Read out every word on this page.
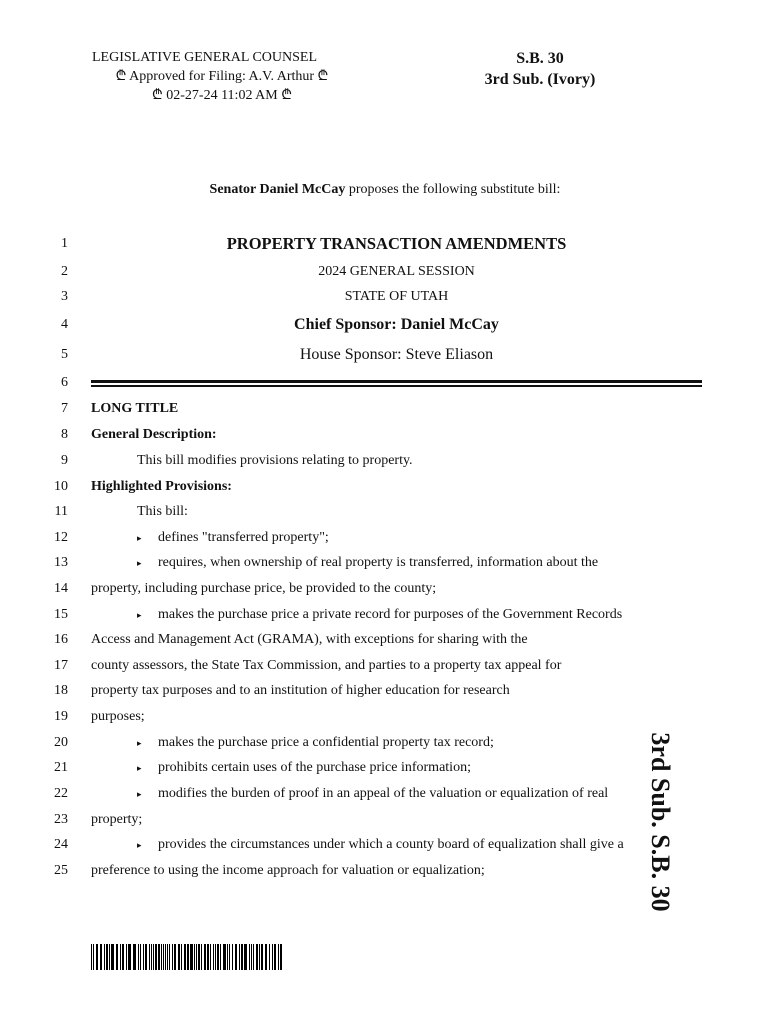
LEGISLATIVE GENERAL COUNSEL
₾ Approved for Filing: A.V. Arthur ₾
₾ 02-27-24 11:02 AM ₾
S.B. 30
3rd Sub. (Ivory)
Senator Daniel McCay proposes the following substitute bill:
1	PROPERTY TRANSACTION AMENDMENTS
2	2024 GENERAL SESSION
3	STATE OF UTAH
4	Chief Sponsor: Daniel McCay
5	House Sponsor: Steve Eliason
6
7 LONG TITLE
8 General Description:
9	This bill modifies provisions relating to property.
10 Highlighted Provisions:
11	This bill:
12	▸ defines "transferred property";
13	▸ requires, when ownership of real property is transferred, information about the
14 property, including purchase price, be provided to the county;
15	▸ makes the purchase price a private record for purposes of the Government Records
16 Access and Management Act (GRAMA), with exceptions for sharing with the
17 county assessors, the State Tax Commission, and parties to a property tax appeal for
18 property tax purposes and to an institution of higher education for research
19 purposes;
20	▸ makes the purchase price a confidential property tax record;
21	▸ prohibits certain uses of the purchase price information;
22	▸ modifies the burden of proof in an appeal of the valuation or equalization of real
23 property;
24	▸ provides the circumstances under which a county board of equalization shall give a
25 preference to using the income approach for valuation or equalization;	3rd Sub. S.B. 30
